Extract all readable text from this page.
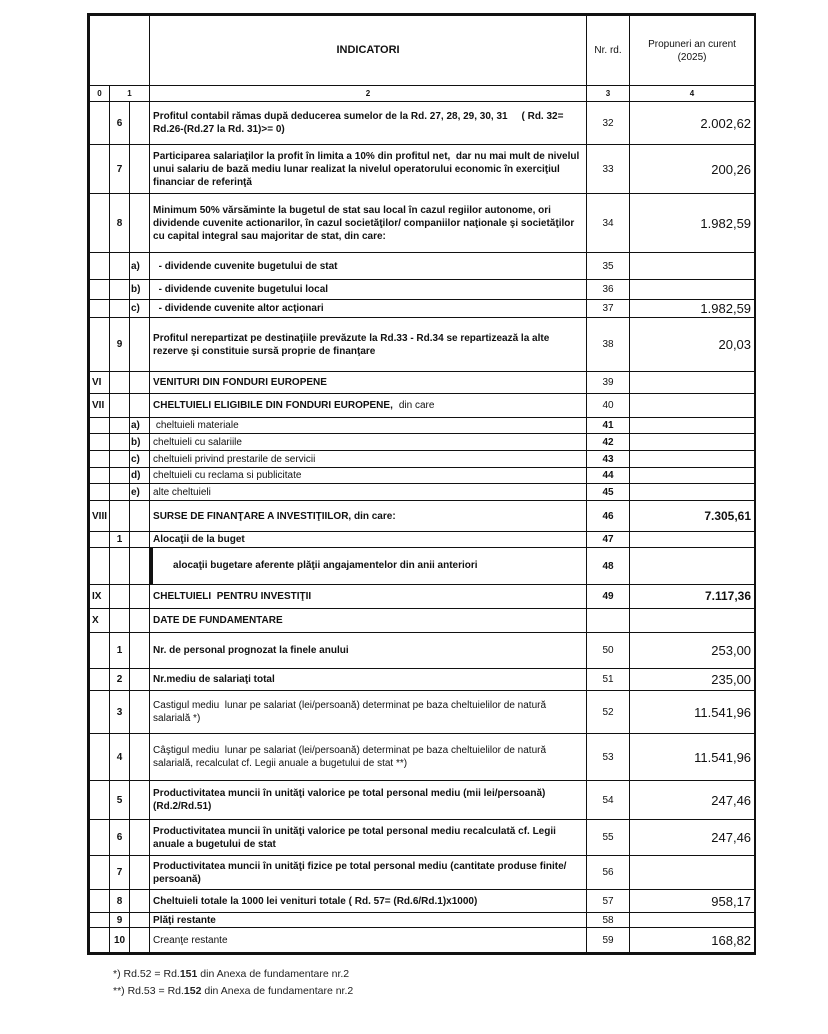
			INDICATORI	Nr. rd.	Propuneri an curent
(2025)
0	1		2	3	4
	6		Profitul contabil rămas după deducerea sumelor de la Rd. 27, 28, 29, 30, 31     ( Rd. 32= Rd.26-(Rd.27 la Rd. 31)>= 0)	32	2.002,62
	7		Participarea salariaţilor la profit în limita a 10% din profitul net,  dar nu mai mult de nivelul unui salariu de bază mediu lunar realizat la nivelul operatorului economic în exerciţiul  financiar de referinţă	33	200,26
	8		Minimum 50% vărsăminte la bugetul de stat sau local în cazul regiilor autonome, ori dividende cuvenite actionarilor, în cazul societăţilor/ companiilor naţionale şi societăţilor cu capital integral sau majoritar de stat, din care:	34	1.982,59
		a)	- dividende cuvenite bugetului de stat	35	
		b)	- dividende cuvenite bugetului local	36	
		c)	- dividende cuvenite altor acţionari	37	1.982,59
	9		Profitul nerepartizat pe destinaţiile prevăzute la Rd.33 - Rd.34 se repartizează la alte rezerve şi constituie sursă proprie de finanţare	38	20,03
VI			VENITURI DIN FONDURI EUROPENE	39	
VII			CHELTUIELI ELIGIBILE DIN FONDURI EUROPENE, din care	40	
		a)	cheltuieli materiale	41	
		b)	cheltuieli cu salariile	42	
		c)	cheltuieli privind prestarile de servicii	43	
		d)	cheltuieli cu reclama si publicitate	44	
		e)	alte cheltuieli	45	
VIII			SURSE DE FINANŢARE A INVESTIŢIILOR, din care:	46	7.305,61
	1		Alocaţii de la buget	47	

			alocaţii bugetare aferente plăţii angajamentelor din anii anteriori	48	
IX			CHELTUIELI  PENTRU INVESTIŢII	49	7.117,36
X			DATE DE FUNDAMENTARE		
	1		Nr. de personal prognozat la finele anului	50	253,00
	2		Nr.mediu de salariaţi total	51	235,00
	3		Castigul mediu  lunar pe salariat (lei/persoană) determinat pe baza cheltuielilor de natură salarială *)	52	11.541,96
	4		Câştigul mediu  lunar pe salariat (lei/persoană) determinat pe baza cheltuielilor de natură salarială, recalculat cf. Legii anuale a bugetului de stat **)	53	11.541,96
	5		Productivitatea muncii în unităţi valorice pe total personal mediu (mii lei/persoană) (Rd.2/Rd.51)	54	247,46
	6		Productivitatea muncii în unităţi valorice pe total personal mediu recalculată cf. Legii anuale a bugetului de stat	55	247,46
	7		Productivitatea muncii în unităţi fizice pe total personal mediu (cantitate produse finite/ persoană)	56	
	8		Cheltuieli totale la 1000 lei venituri totale ( Rd. 57= (Rd.6/Rd.1)x1000)	57	958,17
	9		Plăţi restante	58	
	10		Creanţe restante	59	168,82
*) Rd.52 = Rd.151 din Anexa de fundamentare nr.2
**) Rd.53 = Rd.152 din Anexa de fundamentare nr.2
